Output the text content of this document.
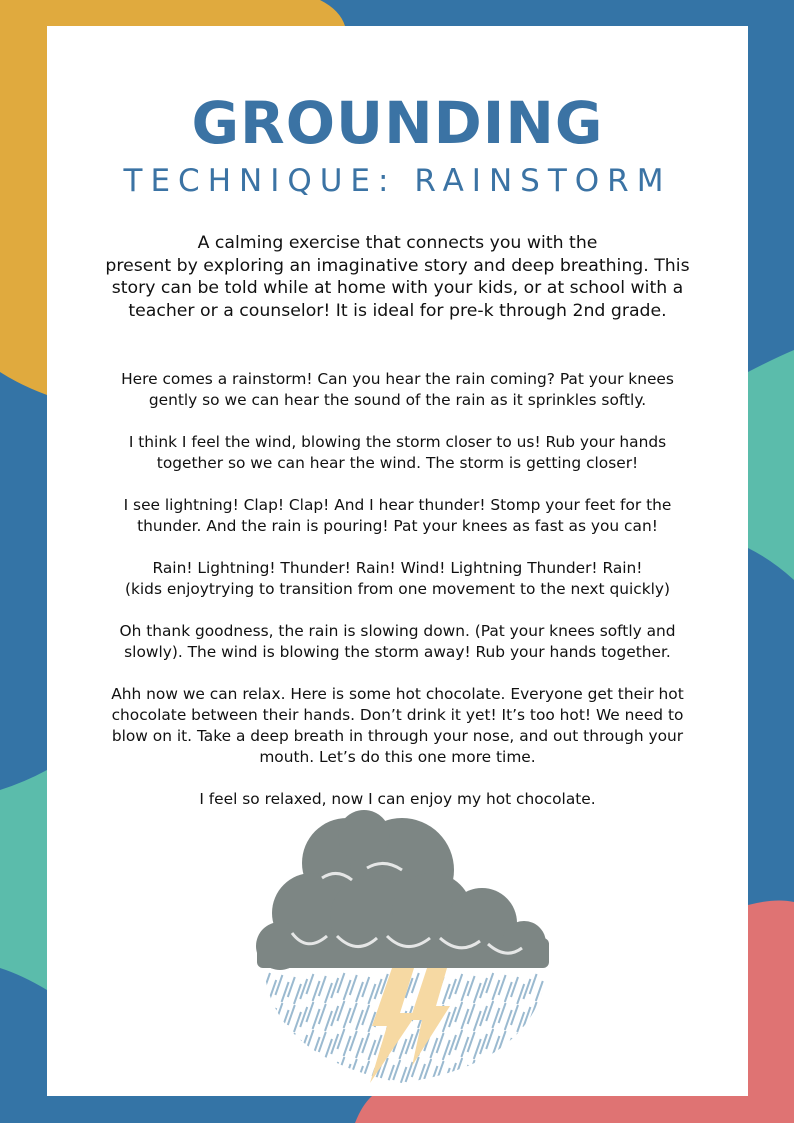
GROUNDING
TECHNIQUE: RAINSTORM
A calming exercise that connects you with the
present by exploring an imaginative story and deep breathing. This
story can be told while at home with your kids, or at school with a
teacher or a counselor! It is ideal for pre-k through 2nd grade.

Here comes a rainstorm! Can you hear the rain coming? Pat your knees
gently so we can hear the sound of the rain as it sprinkles softly.

I think I feel the wind, blowing the storm closer to us! Rub your hands
together so we can hear the wind. The storm is getting closer!

I see lightning! Clap! Clap! And I hear thunder! Stomp your feet for the
thunder. And the rain is pouring! Pat your knees as fast as you can!

Rain! Lightning! Thunder! Rain! Wind! Lightning Thunder! Rain!
(kids enjoytrying to transition from one movement to the next quickly)

Oh thank goodness, the rain is slowing down. (Pat your knees softly and
slowly). The wind is blowing the storm away! Rub your hands together.

Ahh now we can relax. Here is some hot chocolate. Everyone get their hot
chocolate between their hands. Don’t drink it yet! It’s too hot! We need to
blow on it. Take a deep breath in through your nose, and out through your
mouth. Let’s do this one more time.

I feel so relaxed, now I can enjoy my hot chocolate.
